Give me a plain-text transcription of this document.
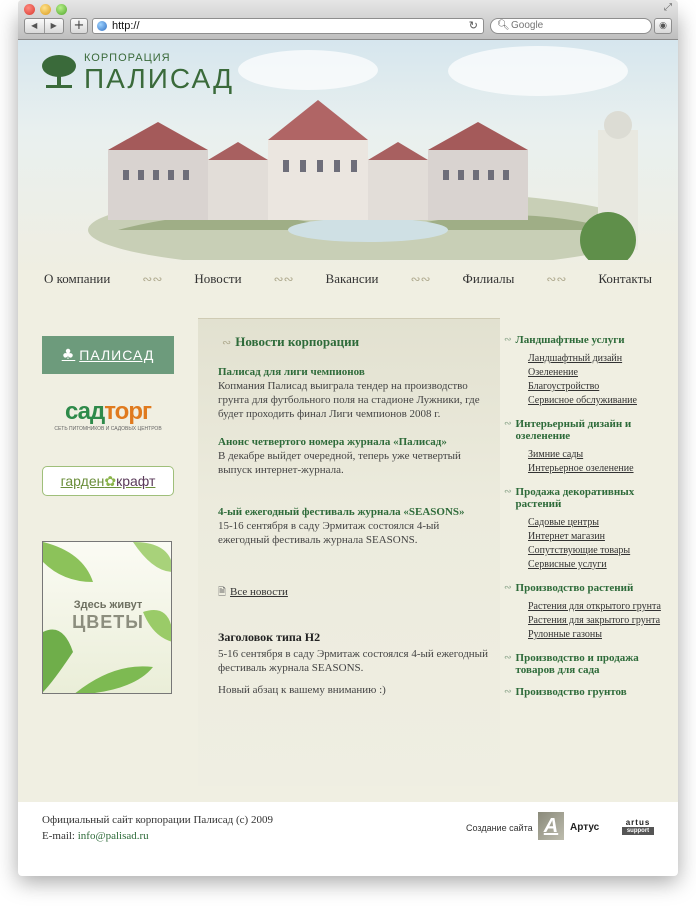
⤢
◀	▶	+	http://	↻ 🔍︎
Google	◉
КОРПОРАЦИЯ
ПАЛИСАД
О компании	∾∾ Новости	∾∾ Вакансии	∾∾ Филиалы	∾∾ Контакты
♣ ПАЛИСАД
садторг
СЕТЬ ПИТОМНИКОВ И САДОВЫХ ЦЕНТРОВ
гарден✿крафт
Здесь живут
ЦВЕТЫ
∾ Новости корпорации
Палисад для лиги чемпионов

Копмания Палисад выиграла тендер на производство грунта для футбольного поля на стадионе Лужники, где будет проходить финал Лиги чемпионов 2008 г.

Анонс четвертого номера журнала «Палисад»

В декабре выйдет очередной, теперь уже четвертый выпуск интернет-журнала.

4-ый ежегодный фестиваль журнала «SEASONS»

15-16 сентября в саду Эрмитаж состоялся 4-ый ежегодный фестиваль журнала SEASONS.

🗎 Все новости
Заголовок типа Н2

5-16 сентября в саду Эрмитаж состоялся 4-ый ежегодный фестиваль журнала SEASONS.

Новый абзац к вашему вниманию :)

∾ Ландшафтные услуги
Ландшафтный дизайн
Озеленение
Благоустройство
Сервисное обслуживание
∾ Интерьерный дизайн и озеленение
Зимние сады
Интерьерное озеленение
∾ Продажа декоративных растений
Садовые центры
Интернет магазин
Сопутствующие товары
Сервисные услуги
∾ Производство растений
Растения для открытого грунта
Растения для закрытого грунта
Рулонные газоны
∾ Производство и продажа товаров для сада
∾ Производство грунтов
Официальный сайт корпорации Палисад (с) 2009
E-mail: info@palisad.ru
Создание сайта A	Артус	artus
support
